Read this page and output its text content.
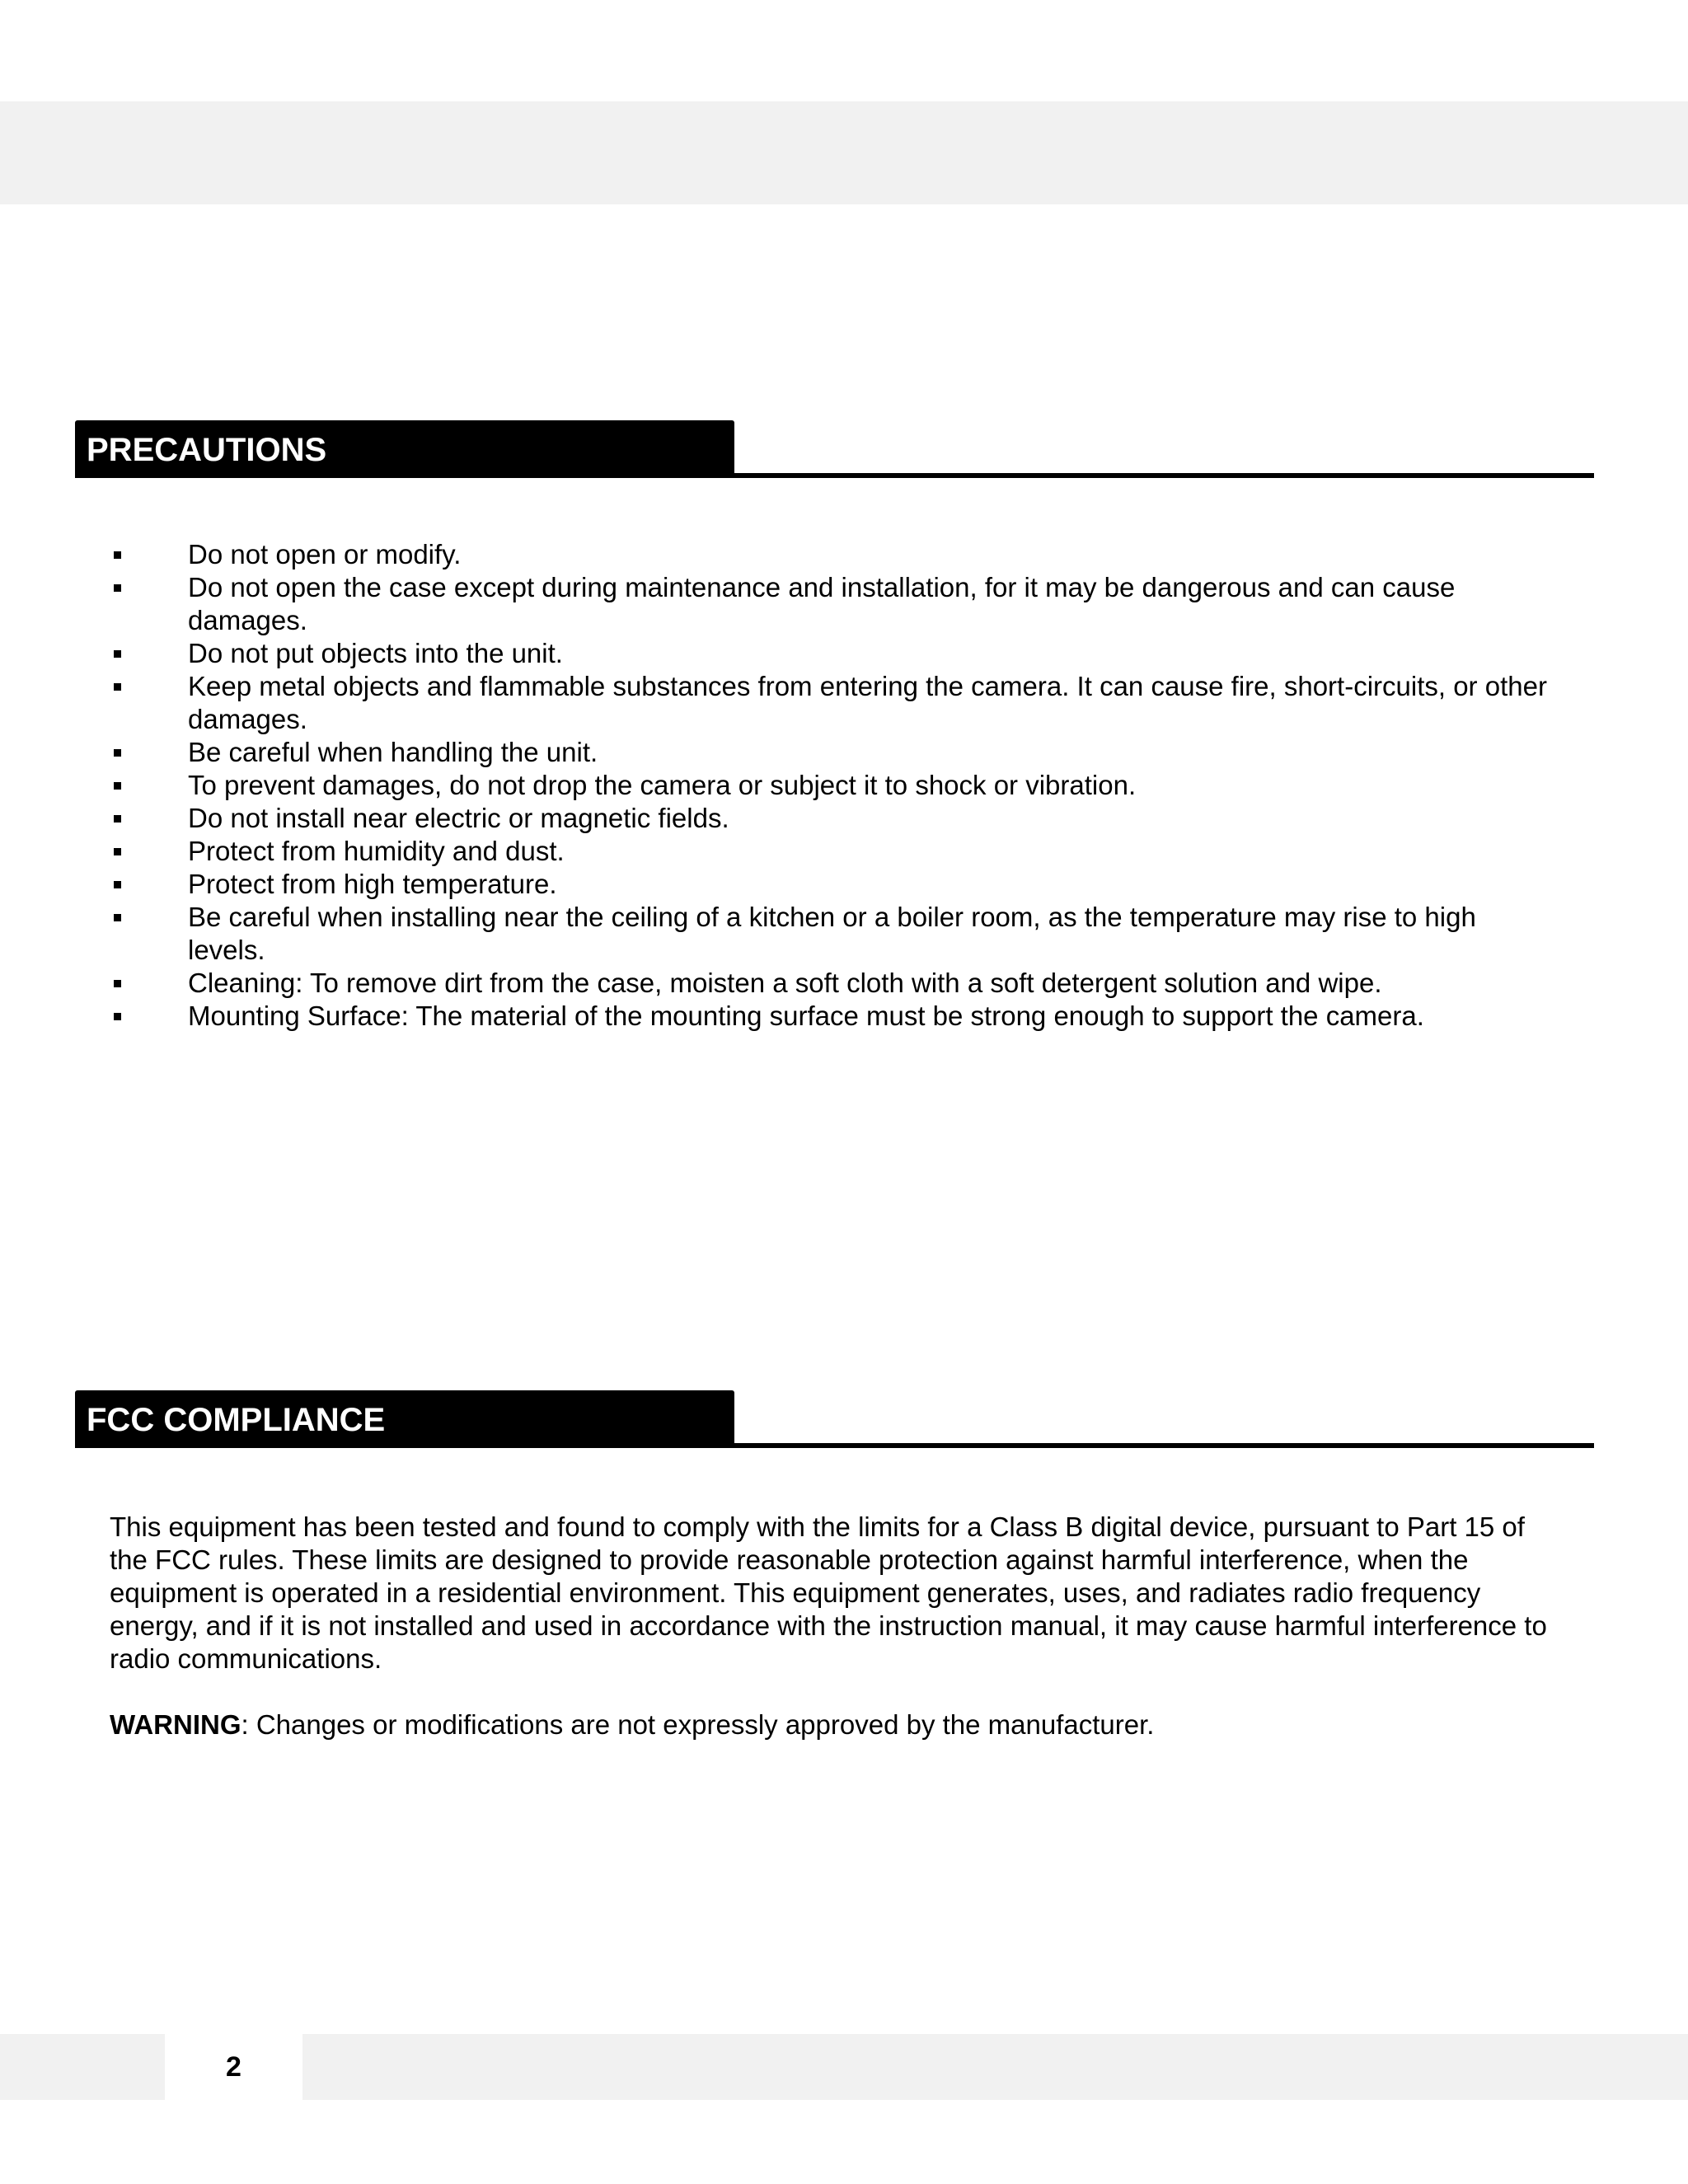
PRECAUTIONS
Do not open or modify.
Do not open the case except during maintenance and installation, for it may be dangerous and can cause damages.
Do not put objects into the unit.
Keep metal objects and flammable substances from entering the camera. It can cause fire, short-circuits, or other damages.
Be careful when handling the unit.
To prevent damages, do not drop the camera or subject it to shock or vibration.
Do not install near electric or magnetic fields.
Protect from humidity and dust.
Protect from high temperature.
Be careful when installing near the ceiling of a kitchen or a boiler room, as the temperature may rise to high levels.
Cleaning: To remove dirt from the case, moisten a soft cloth with a soft detergent solution and wipe.
Mounting Surface: The material of the mounting surface must be strong enough to support the camera.
FCC COMPLIANCE

This equipment has been tested and found to comply with the limits for a Class B digital device, pursuant to Part 15 of the FCC rules. These limits are designed to provide reasonable protection against harmful interference, when the equipment is operated in a residential environment. This equipment generates, uses, and radiates radio frequency energy, and if it is not installed and used in accordance with the instruction manual, it may cause harmful interference to radio communications.

WARNING: Changes or modifications are not expressly approved by the manufacturer.

2
